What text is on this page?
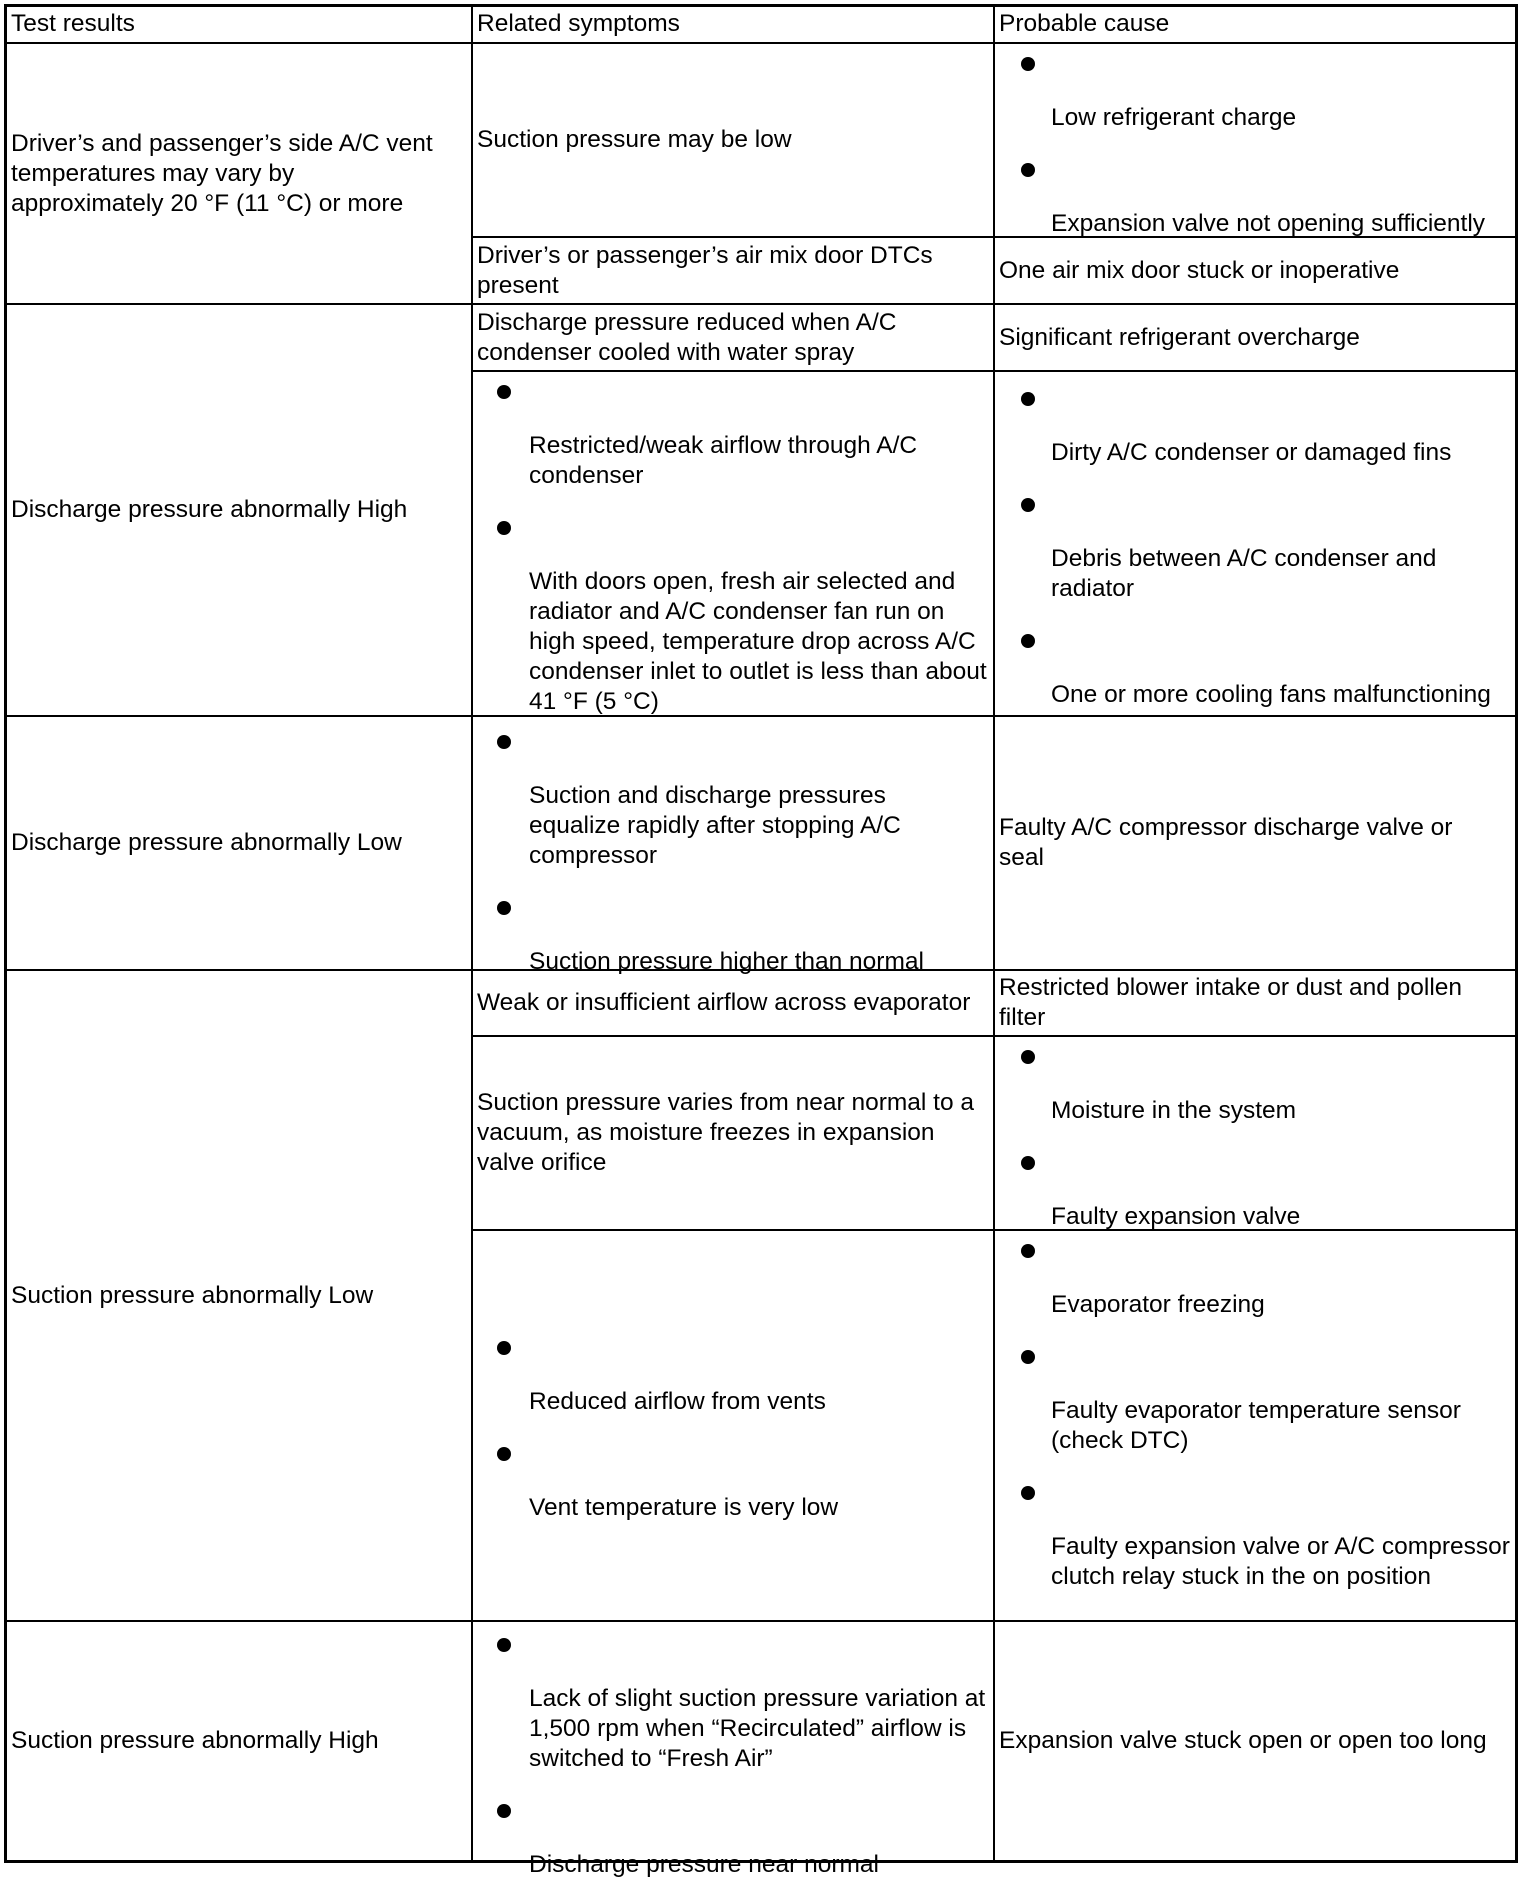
Test results	Related symptoms	Probable cause
Driver’s and passenger’s side A/C vent temperatures may vary by approximately 20 °F (11 °C) or more
Suction pressure may be low
Low refrigerant charge
Expansion valve not opening sufficiently
Driver’s or passenger’s air mix door DTCs present
One air mix door stuck or inoperative
Discharge pressure abnormally High
Discharge pressure reduced when A/C condenser cooled with water spray
Significant refrigerant overcharge
Restricted/weak airflow through A/C condenser
With doors open, fresh air selected and radiator and A/C condenser fan run on high speed, temperature drop across A/C condenser inlet to outlet is less than about 41 °F (5 °C)
Dirty A/C condenser or damaged fins
Debris between A/C condenser and radiator
One or more cooling fans malfunctioning
Discharge pressure abnormally Low
Suction and discharge pressures equalize rapidly after stopping A/C compressor
Suction pressure higher than normal
Faulty A/C compressor discharge valve or seal
Suction pressure abnormally Low
Weak or insufficient airflow across evaporator
Restricted blower intake or dust and pollen filter
Suction pressure varies from near normal to a vacuum, as moisture freezes in expansion valve orifice
Moisture in the system
Faulty expansion valve
Reduced airflow from vents
Vent temperature is very low
Evaporator freezing
Faulty evaporator temperature sensor (check DTC)
Faulty expansion valve or A/C compressor clutch relay stuck in the on position
Suction pressure abnormally High
Lack of slight suction pressure variation at 1,500 rpm when “Recirculated” airflow is switched to “Fresh Air”
Discharge pressure near normal
Expansion valve stuck open or open too long
